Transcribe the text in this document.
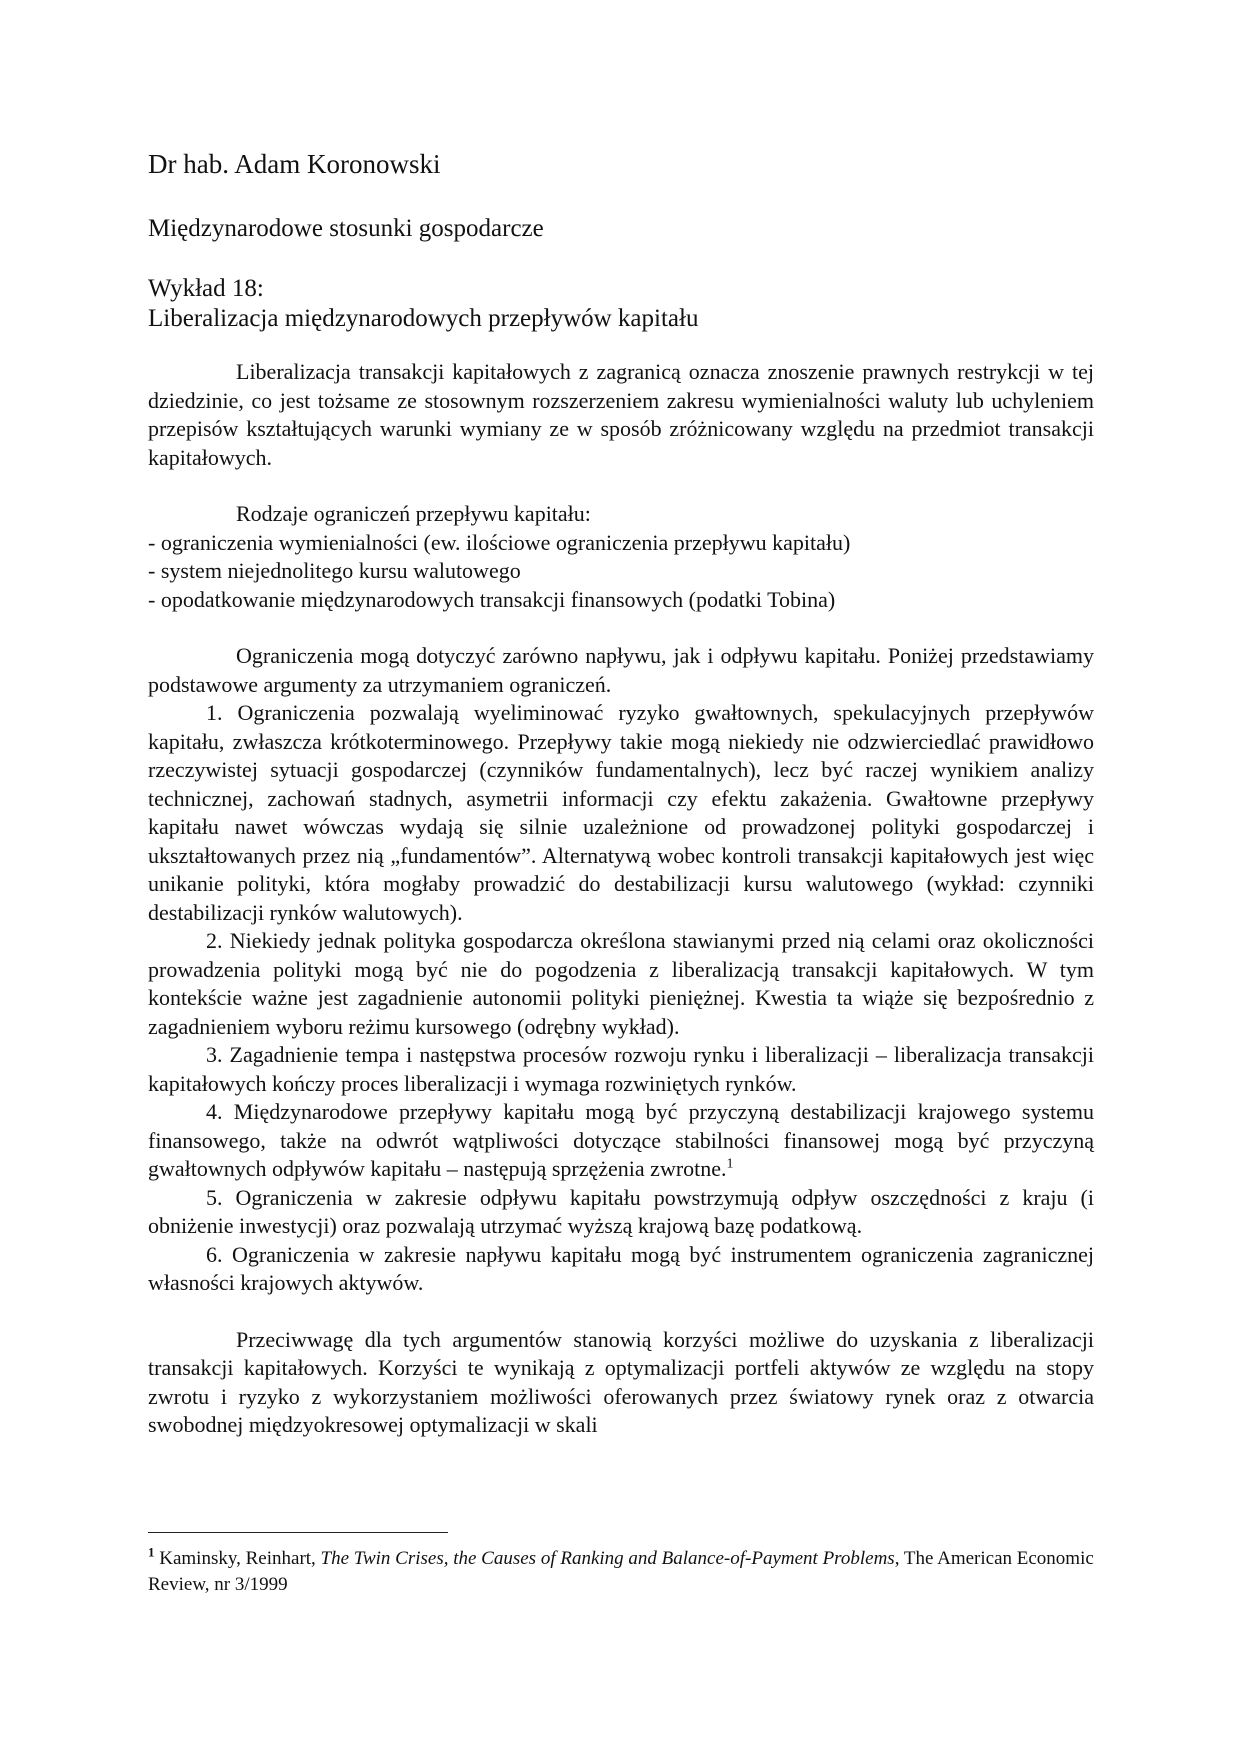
Dr hab. Adam Koronowski

Międzynarodowe stosunki gospodarcze

Wykład 18:

Liberalizacja międzynarodowych przepływów kapitału

Liberalizacja transakcji kapitałowych z zagranicą oznacza znoszenie prawnych restrykcji w tej dziedzinie, co jest tożsame ze stosownym rozszerzeniem zakresu wymienialności waluty lub uchyleniem przepisów kształtujących warunki wymiany ze w sposób zróżnicowany względu na przedmiot transakcji kapitałowych.

Rodzaje ograniczeń przepływu kapitału:

- ograniczenia wymienialności (ew. ilościowe ograniczenia przepływu kapitału)

- system niejednolitego kursu walutowego

- opodatkowanie międzynarodowych transakcji finansowych (podatki Tobina)

Ograniczenia mogą dotyczyć zarówno napływu, jak i odpływu kapitału. Poniżej przedstawiamy podstawowe argumenty za utrzymaniem ograniczeń.

1. Ograniczenia pozwalają wyeliminować ryzyko gwałtownych, spekulacyjnych przepływów kapitału, zwłaszcza krótkoterminowego. Przepływy takie mogą niekiedy nie odzwierciedlać prawidłowo rzeczywistej sytuacji gospodarczej (czynników fundamentalnych), lecz być raczej wynikiem analizy technicznej, zachowań stadnych, asymetrii informacji czy efektu zakażenia. Gwałtowne przepływy kapitału nawet wówczas wydają się silnie uzależnione od prowadzonej polityki gospodarczej i ukształtowanych przez nią „fundamentów”. Alternatywą wobec kontroli transakcji kapitałowych jest więc unikanie polityki, która mogłaby prowadzić do destabilizacji kursu walutowego (wykład: czynniki destabilizacji rynków walutowych).

2. Niekiedy jednak polityka gospodarcza określona stawianymi przed nią celami oraz okoliczności prowadzenia polityki mogą być nie do pogodzenia z liberalizacją transakcji kapitałowych. W tym kontekście ważne jest zagadnienie autonomii polityki pieniężnej. Kwestia ta wiąże się bezpośrednio z zagadnieniem wyboru reżimu kursowego (odrębny wykład).

3. Zagadnienie tempa i następstwa procesów rozwoju rynku i liberalizacji – liberalizacja transakcji kapitałowych kończy proces liberalizacji i wymaga rozwiniętych rynków.

4. Międzynarodowe przepływy kapitału mogą być przyczyną destabilizacji krajowego systemu finansowego, także na odwrót wątpliwości dotyczące stabilności finansowej mogą być przyczyną gwałtownych odpływów kapitału – następują sprzężenia zwrotne.$^1$

5. Ograniczenia w zakresie odpływu kapitału powstrzymują odpływ oszczędności z kraju (i obniżenie inwestycji) oraz pozwalają utrzymać wyższą krajową bazę podatkową.

6. Ograniczenia w zakresie napływu kapitału mogą być instrumentem ograniczenia zagranicznej własności krajowych aktywów.

Przeciwwagę dla tych argumentów stanowią korzyści możliwe do uzyskania z liberalizacji transakcji kapitałowych. Korzyści te wynikają z optymalizacji portfeli aktywów ze względu na stopy zwrotu i ryzyko z wykorzystaniem możliwości oferowanych przez światowy rynek oraz z otwarcia swobodnej międzyokresowej optymalizacji w skali

$^1$ Kaminsky, Reinhart, The Twin Crises, the Causes of Ranking and Balance-of-Payment Problems, The American Economic Review, nr 3/1999
